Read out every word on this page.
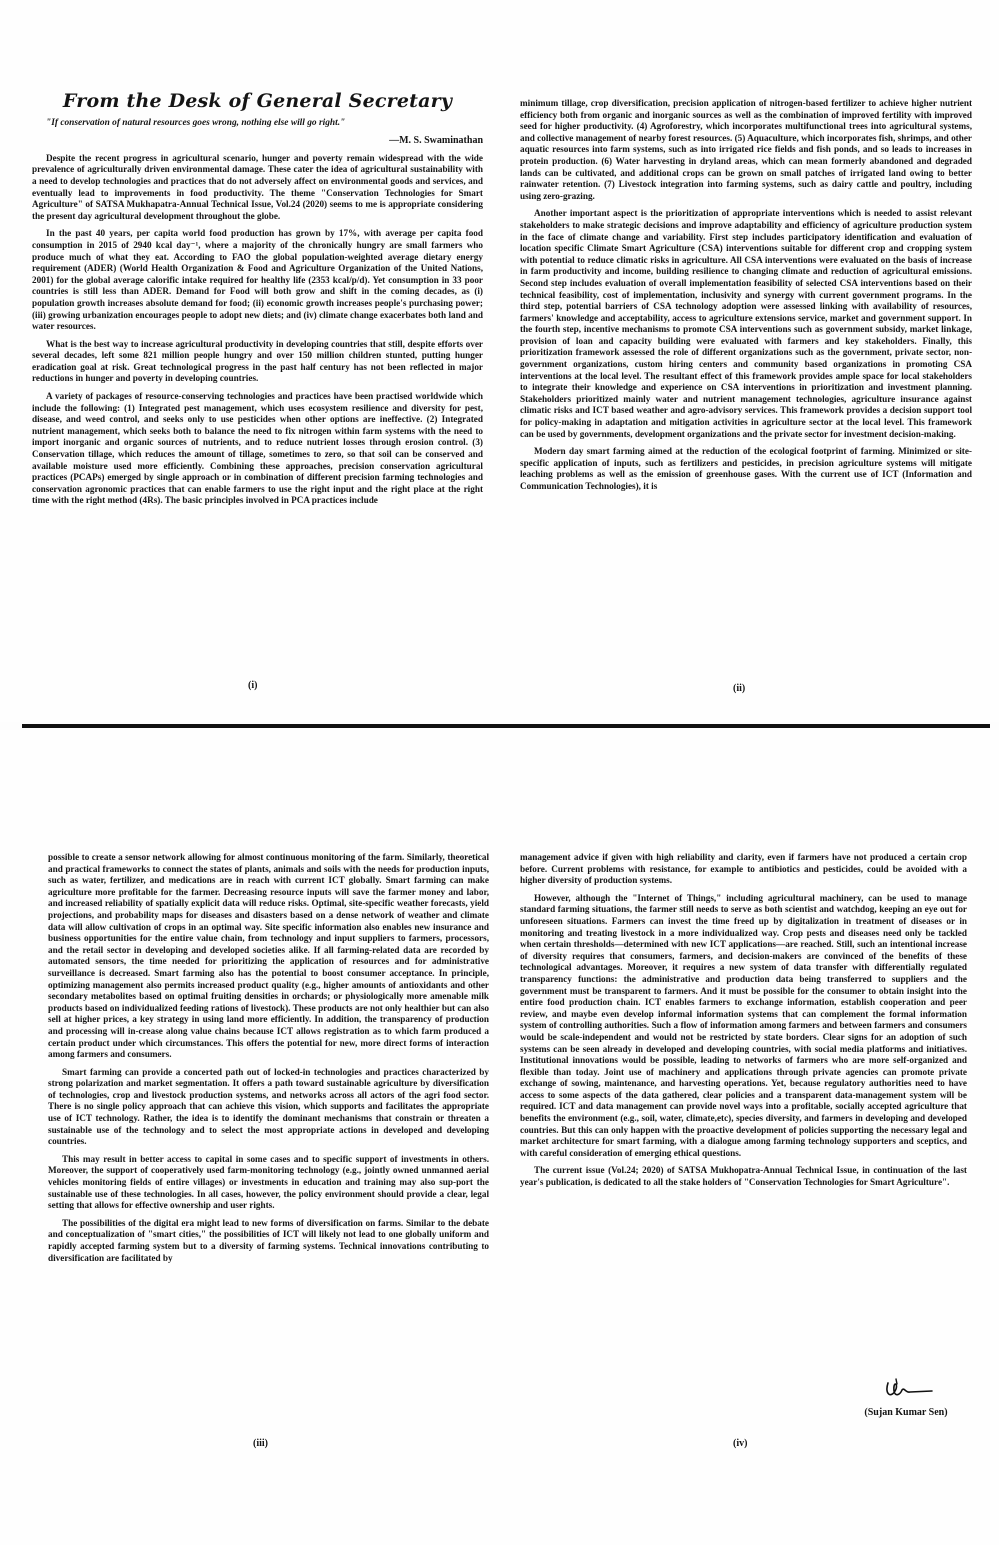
From the Desk of General Secretary

"If conservation of natural resources goes wrong, nothing else will go right."

—M. S. Swaminathan

Despite the recent progress in agricultural scenario, hunger and poverty remain widespread with the wide prevalence of agriculturally driven environmental damage. These cater the idea of agricultural sustainability with a need to develop technologies and practices that do not adversely affect on environmental goods and services, and eventually lead to improvements in food productivity. The theme "Conservation Technologies for Smart Agriculture" of SATSA Mukhapatra-Annual Technical Issue, Vol.24 (2020) seems to me is appropriate considering the present day agricultural development throughout the globe.

In the past 40 years, per capita world food production has grown by 17%, with average per capita food consumption in 2015 of 2940 kcal day⁻¹, where a majority of the chronically hungry are small farmers who produce much of what they eat. According to FAO the global population-weighted average dietary energy requirement (ADER) (World Health Organization & Food and Agriculture Organization of the United Nations, 2001) for the global average calorific intake required for healthy life (2353 kcal/p/d). Yet consumption in 33 poor countries is still less than ADER. Demand for Food will both grow and shift in the coming decades, as (i) population growth increases absolute demand for food; (ii) economic growth increases people's purchasing power; (iii) growing urbanization encourages people to adopt new diets; and (iv) climate change exacerbates both land and water resources.

What is the best way to increase agricultural productivity in developing countries that still, despite efforts over several decades, left some 821 million people hungry and over 150 million children stunted, putting hunger eradication goal at risk. Great technological progress in the past half century has not been reflected in major reductions in hunger and poverty in developing countries.

A variety of packages of resource-conserving technologies and practices have been practised worldwide which include the following: (1) Integrated pest management, which uses ecosystem resilience and diversity for pest, disease, and weed control, and seeks only to use pesticides when other options are ineffective. (2) Integrated nutrient management, which seeks both to balance the need to fix nitrogen within farm systems with the need to import inorganic and organic sources of nutrients, and to reduce nutrient losses through erosion control. (3) Conservation tillage, which reduces the amount of tillage, sometimes to zero, so that soil can be conserved and available moisture used more efficiently. Combining these approaches, precision conservation agricultural practices (PCAPs) emerged by single approach or in combination of different precision farming technologies and conservation agronomic practices that can enable farmers to use the right input and the right place at the right time with the right method (4Rs). The basic principles involved in PCA practices include

(i)

minimum tillage, crop diversification, precision application of nitrogen-based fertilizer to achieve higher nutrient efficiency both from organic and inorganic sources as well as the combination of improved fertility with improved seed for higher productivity. (4) Agroforestry, which incorporates multifunctional trees into agricultural systems, and collective management of nearby forest resources. (5) Aquaculture, which incorporates fish, shrimps, and other aquatic resources into farm systems, such as into irrigated rice fields and fish ponds, and so leads to increases in protein production. (6) Water harvesting in dryland areas, which can mean formerly abandoned and degraded lands can be cultivated, and additional crops can be grown on small patches of irrigated land owing to better rainwater retention. (7) Livestock integration into farming systems, such as dairy cattle and poultry, including using zero-grazing.

Another important aspect is the prioritization of appropriate interventions which is needed to assist relevant stakeholders to make strategic decisions and improve adaptability and efficiency of agriculture production system in the face of climate change and variability. First step includes participatory identification and evaluation of location specific Climate Smart Agriculture (CSA) interventions suitable for different crop and cropping system with potential to reduce climatic risks in agriculture. All CSA interventions were evaluated on the basis of increase in farm productivity and income, building resilience to changing climate and reduction of agricultural emissions. Second step includes evaluation of overall implementation feasibility of selected CSA interventions based on their technical feasibility, cost of implementation, inclusivity and synergy with current government programs. In the third step, potential barriers of CSA technology adoption were assessed linking with availability of resources, farmers' knowledge and acceptability, access to agriculture extensions service, market and government support. In the fourth step, incentive mechanisms to promote CSA interventions such as government subsidy, market linkage, provision of loan and capacity building were evaluated with farmers and key stakeholders. Finally, this prioritization framework assessed the role of different organizations such as the government, private sector, non-government organizations, custom hiring centers and community based organizations in promoting CSA interventions at the local level. The resultant effect of this framework provides ample space for local stakeholders to integrate their knowledge and experience on CSA interventions in prioritization and investment planning. Stakeholders prioritized mainly water and nutrient management technologies, agriculture insurance against climatic risks and ICT based weather and agro-advisory services. This framework provides a decision support tool for policy-making in adaptation and mitigation activities in agriculture sector at the local level. This framework can be used by governments, development organizations and the private sector for investment decision-making.

Modern day smart farming aimed at the reduction of the ecological footprint of farming. Minimized or site-specific application of inputs, such as fertilizers and pesticides, in precision agriculture systems will mitigate leaching problems as well as the emission of greenhouse gases. With the current use of ICT (Information and Communication Technologies), it is

(ii)

possible to create a sensor network allowing for almost continuous monitoring of the farm. Similarly, theoretical and practical frameworks to connect the states of plants, animals and soils with the needs for production inputs, such as water, fertilizer, and medications are in reach with current ICT globally. Smart farming can make agriculture more profitable for the farmer. Decreasing resource inputs will save the farmer money and labor, and increased reliability of spatially explicit data will reduce risks. Optimal, site-specific weather forecasts, yield projections, and probability maps for diseases and disasters based on a dense network of weather and climate data will allow cultivation of crops in an optimal way. Site specific information also enables new insurance and business opportunities for the entire value chain, from technology and input suppliers to farmers, processors, and the retail sector in developing and developed societies alike. If all farming-related data are recorded by automated sensors, the time needed for prioritizing the application of resources and for administrative surveillance is decreased. Smart farming also has the potential to boost consumer acceptance. In principle, optimizing management also permits increased product quality (e.g., higher amounts of antioxidants and other secondary metabolites based on optimal fruiting densities in orchards; or physiologically more amenable milk products based on individualized feeding rations of livestock). These products are not only healthier but can also sell at higher prices, a key strategy in using land more efficiently. In addition, the transparency of production and processing will in-crease along value chains because ICT allows registration as to which farm produced a certain product under which circumstances. This offers the potential for new, more direct forms of interaction among farmers and consumers.

Smart farming can provide a concerted path out of locked-in technologies and practices characterized by strong polarization and market segmentation. It offers a path toward sustainable agriculture by diversification of technologies, crop and livestock production systems, and networks across all actors of the agri food sector. There is no single policy approach that can achieve this vision, which supports and facilitates the appropriate use of ICT technology. Rather, the idea is to identify the dominant mechanisms that constrain or threaten a sustainable use of the technology and to select the most appropriate actions in developed and developing countries.

This may result in better access to capital in some cases and to specific support of investments in others. Moreover, the support of cooperatively used farm-monitoring technology (e.g., jointly owned unmanned aerial vehicles monitoring fields of entire villages) or investments in education and training may also sup-port the sustainable use of these technologies. In all cases, however, the policy environment should provide a clear, legal setting that allows for effective ownership and user rights.

The possibilities of the digital era might lead to new forms of diversification on farms. Similar to the debate and conceptualization of "smart cities," the possibilities of ICT will likely not lead to one globally uniform and rapidly accepted farming system but to a diversity of farming systems. Technical innovations contributing to diversification are facilitated by

(iii)

management advice if given with high reliability and clarity, even if farmers have not produced a certain crop before. Current problems with resistance, for example to antibiotics and pesticides, could be avoided with a higher diversity of production systems.

However, although the "Internet of Things," including agricultural machinery, can be used to manage standard farming situations, the farmer still needs to serve as both scientist and watchdog, keeping an eye out for unforeseen situations. Farmers can invest the time freed up by digitalization in treatment of diseases or in monitoring and treating livestock in a more individualized way. Crop pests and diseases need only be tackled when certain thresholds—determined with new ICT applications—are reached. Still, such an intentional increase of diversity requires that consumers, farmers, and decision-makers are convinced of the benefits of these technological advantages. Moreover, it requires a new system of data transfer with differentially regulated transparency functions: the administrative and production data being transferred to suppliers and the government must be transparent to farmers. And it must be possible for the consumer to obtain insight into the entire food production chain. ICT enables farmers to exchange information, establish cooperation and peer review, and maybe even develop informal information systems that can complement the formal information system of controlling authorities. Such a flow of information among farmers and between farmers and consumers would be scale-independent and would not be restricted by state borders. Clear signs for an adoption of such systems can be seen already in developed and developing countries, with social media platforms and initiatives. Institutional innovations would be possible, leading to networks of farmers who are more self-organized and flexible than today. Joint use of machinery and applications through private agencies can promote private exchange of sowing, maintenance, and harvesting operations. Yet, because regulatory authorities need to have access to some aspects of the data gathered, clear policies and a transparent data-management system will be required. ICT and data management can provide novel ways into a profitable, socially accepted agriculture that benefits the environment (e.g., soil, water, climate,etc), species diversity, and farmers in developing and developed countries. But this can only happen with the proactive development of policies supporting the necessary legal and market architecture for smart farming, with a dialogue among farming technology supporters and sceptics, and with careful consideration of emerging ethical questions.

The current issue (Vol.24; 2020) of SATSA Mukhopatra-Annual Technical Issue, in continuation of the last year's publication, is dedicated to all the stake holders of "Conservation Technologies for Smart Agriculture".

(Sujan Kumar Sen)
(iv)
